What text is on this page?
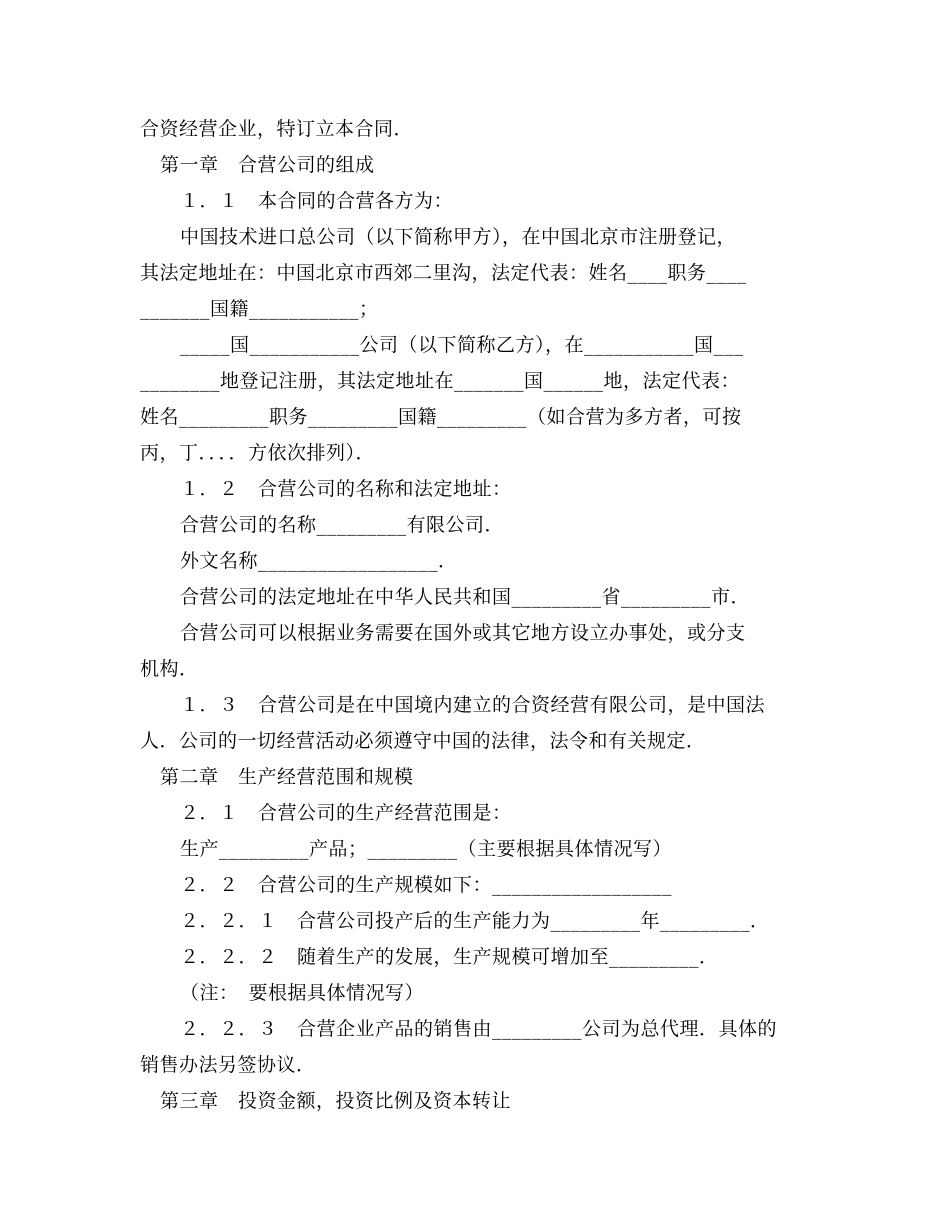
合资经营企业，特订立本合同．
第一章　合营公司的组成
１．１　本合同的合营各方为：
中国技术进口总公司（以下简称甲方），在中国北京市注册登记，
其法定地址在：中国北京市西郊二里沟，法定代表：姓名____职务____
_______国籍___________；
_____国___________公司（以下简称乙方），在___________国___
________地登记注册，其法定地址在_______国______地，法定代表：
姓名_________职务_________国籍_________（如合营为多方者，可按
丙，丁．．．．方依次排列）．
１．２　合营公司的名称和法定地址：
合营公司的名称_________有限公司．
外文名称__________________．
合营公司的法定地址在中华人民共和国_________省_________市．
合营公司可以根据业务需要在国外或其它地方设立办事处，或分支
机构．
１．３　合营公司是在中国境内建立的合资经营有限公司，是中国法
人．公司的一切经营活动必须遵守中国的法律，法令和有关规定．
第二章　生产经营范围和规模
２．１　合营公司的生产经营范围是：
生产_________产品；_________（主要根据具体情况写）
２．２　合营公司的生产规模如下：__________________
２．２．１　合营公司投产后的生产能力为_________年_________．
２．２．２　随着生产的发展，生产规模可增加至_________．
（注：　要根据具体情况写）
２．２．３　合营企业产品的销售由_________公司为总代理．具体的
销售办法另签协议．
第三章　投资金额，投资比例及资本转让
